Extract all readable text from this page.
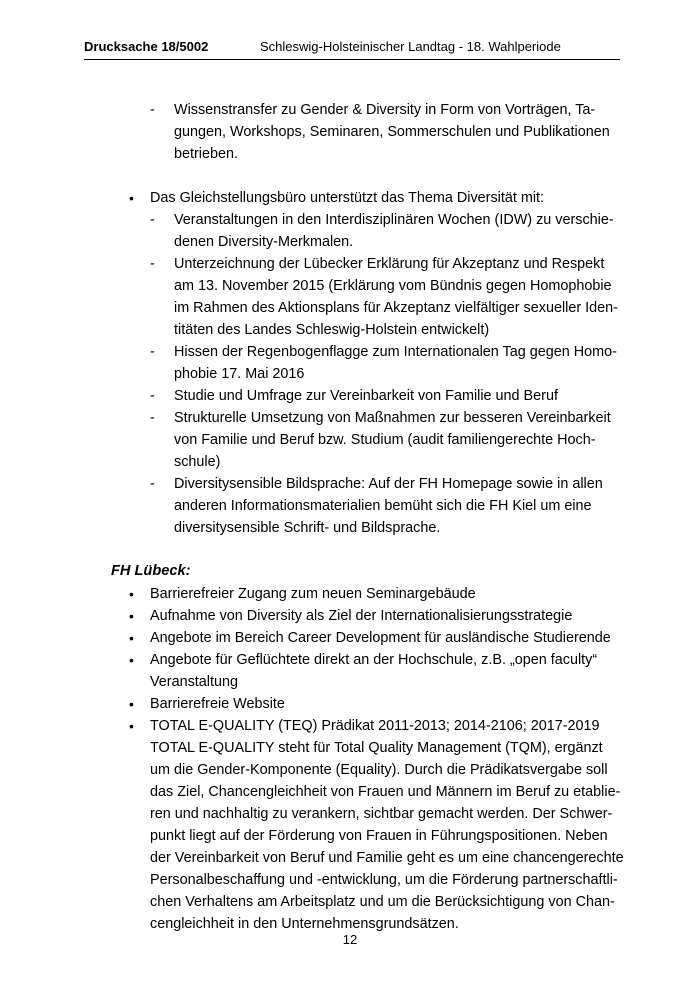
Drucksache 18/5002	Schleswig-Holsteinischer Landtag - 18. Wahlperiode
- Wissenstransfer zu Gender & Diversity in Form von Vorträgen, Ta-
gungen, Workshops, Seminaren, Sommerschulen und Publikationen
betrieben.
• Das Gleichstellungsbüro unterstützt das Thema Diversität mit:
- Veranstaltungen in den Interdisziplinären Wochen (IDW) zu verschie-
denen Diversity-Merkmalen.
- Unterzeichnung der Lübecker Erklärung für Akzeptanz und Respekt
am 13. November 2015 (Erklärung vom Bündnis gegen Homophobie
im Rahmen des Aktionsplans für Akzeptanz vielfältiger sexueller Iden-
titäten des Landes Schleswig-Holstein entwickelt)
- Hissen der Regenbogenflagge zum Internationalen Tag gegen Homo-
phobie 17. Mai 2016
- Studie und Umfrage zur Vereinbarkeit von Familie und Beruf
- Strukturelle Umsetzung von Maßnahmen zur besseren Vereinbarkeit
von Familie und Beruf bzw. Studium (audit familiengerechte Hoch-
schule)
- Diversitysensible Bildsprache: Auf der FH Homepage sowie in allen
anderen Informationsmaterialien bemüht sich die FH Kiel um eine
diversitysensible Schrift- und Bildsprache.
FH Lübeck:
• Barrierefreier Zugang zum neuen Seminargebäude
• Aufnahme von Diversity als Ziel der Internationalisierungsstrategie
• Angebote im Bereich Career Development für ausländische Studierende
• Angebote für Geflüchtete direkt an der Hochschule, z.B. „open faculty“
Veranstaltung
• Barrierefreie Website
• TOTAL E-QUALITY (TEQ) Prädikat 2011-2013; 2014-2106; 2017-2019
TOTAL E-QUALITY steht für Total Quality Management (TQM), ergänzt
um die Gender-Komponente (Equality). Durch die Prädikatsvergabe soll
das Ziel, Chancengleichheit von Frauen und Männern im Beruf zu etablie-
ren und nachhaltig zu verankern, sichtbar gemacht werden. Der Schwer-
punkt liegt auf der Förderung von Frauen in Führungspositionen. Neben
der Vereinbarkeit von Beruf und Familie geht es um eine chancengerechte
Personalbeschaffung und -entwicklung, um die Förderung partnerschaftli-
chen Verhaltens am Arbeitsplatz und um die Berücksichtigung von Chan-
cengleichheit in den Unternehmensgrundsätzen.
12
